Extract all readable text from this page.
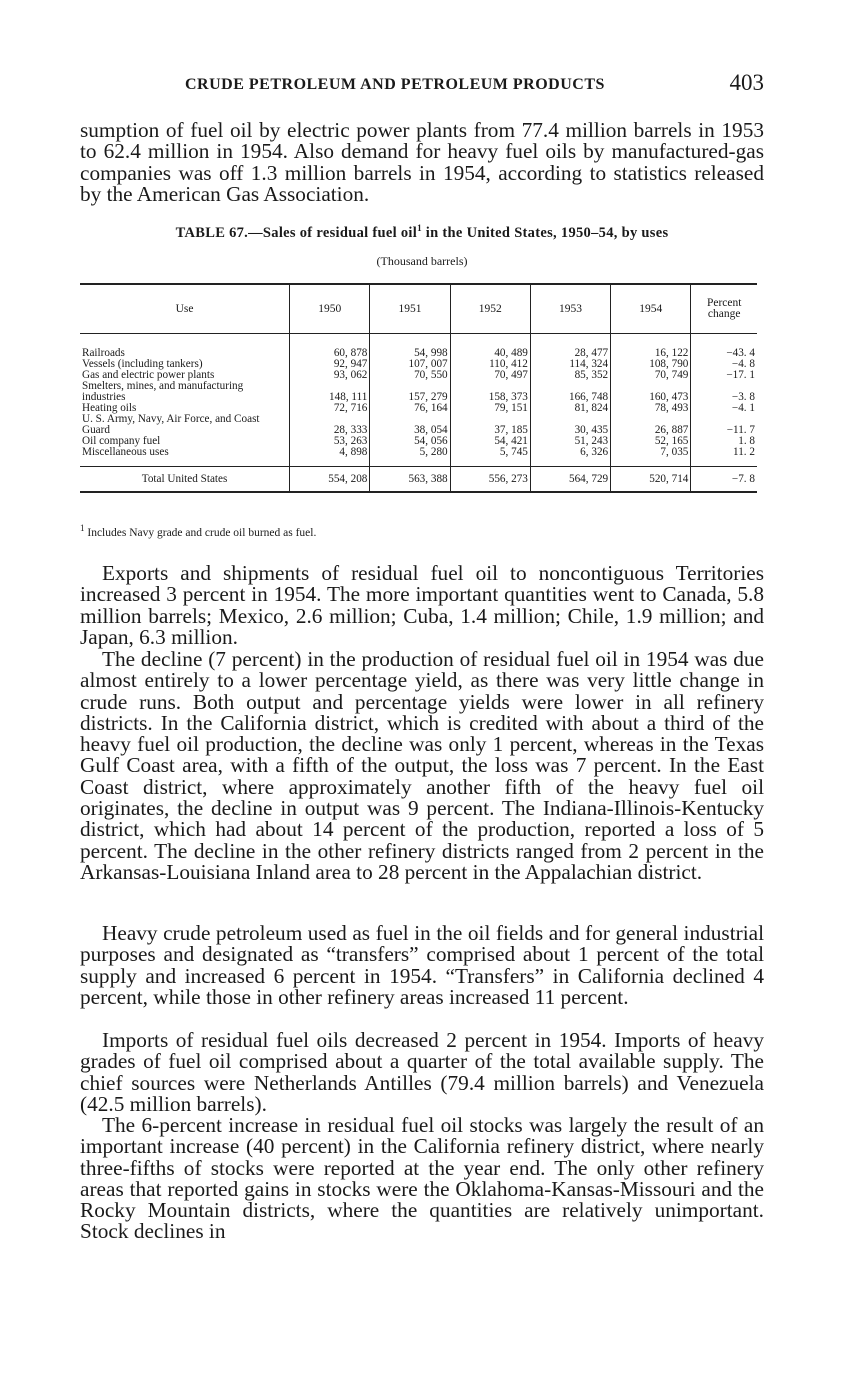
CRUDE PETROLEUM AND PETROLEUM PRODUCTS	403

sumption of fuel oil by electric power plants from 77.4 million barrels in 1953 to 62.4 million in 1954. Also demand for heavy fuel oils by manufactured-gas companies was off 1.3 million barrels in 1954, according to statistics released by the American Gas Association.

TABLE 67.—Sales of residual fuel oil$^1$ in the United States, 1950–54, by uses
(Thousand barrels)
Use	1950	1951	1952	1953	1954	Percent change

Railroads	60, 878	54, 998	40, 489	28, 477	16, 122	−43. 4
Vessels (including tankers)	92, 947	107, 007	110, 412	114, 324	108, 790	−4. 8
Gas and electric power plants	93, 062	70, 550	70, 497	85, 352	70, 749	−17. 1
Smelters, mines, and manufacturing industries	148, 111	157, 279	158, 373	166, 748	160, 473	−3. 8
Heating oils	72, 716	76, 164	79, 151	81, 824	78, 493	−4. 1
U. S. Army, Navy, Air Force, and Coast Guard	28, 333	38, 054	37, 185	30, 435	26, 887	−11. 7
Oil company fuel	53, 263	54, 056	54, 421	51, 243	52, 165	1. 8
Miscellaneous uses	4, 898	5, 280	5, 745	6, 326	7, 035	11. 2

Total United States	554, 208	563, 388	556, 273	564, 729	520, 714	−7. 8
$^1$ Includes Navy grade and crude oil burned as fuel.

Exports and shipments of residual fuel oil to noncontiguous Territories increased 3 percent in 1954. The more important quantities went to Canada, 5.8 million barrels; Mexico, 2.6 million; Cuba, 1.4 million; Chile, 1.9 million; and Japan, 6.3 million.

The decline (7 percent) in the production of residual fuel oil in 1954 was due almost entirely to a lower percentage yield, as there was very little change in crude runs. Both output and percentage yields were lower in all refinery districts. In the California district, which is credited with about a third of the heavy fuel oil production, the decline was only 1 percent, whereas in the Texas Gulf Coast area, with a fifth of the output, the loss was 7 percent. In the East Coast district, where approximately another fifth of the heavy fuel oil originates, the decline in output was 9 percent. The Indiana-Illinois-Kentucky district, which had about 14 percent of the production, reported a loss of 5 percent. The decline in the other refinery districts ranged from 2 percent in the Arkansas-Louisiana Inland area to 28 percent in the Appalachian district.

Heavy crude petroleum used as fuel in the oil fields and for general industrial purposes and designated as “transfers” comprised about 1 percent of the total supply and increased 6 percent in 1954. “Transfers” in California declined 4 percent, while those in other refinery areas increased 11 percent.

Imports of residual fuel oils decreased 2 percent in 1954. Imports of heavy grades of fuel oil comprised about a quarter of the total available supply. The chief sources were Netherlands Antilles (79.4 million barrels) and Venezuela (42.5 million barrels).

The 6-percent increase in residual fuel oil stocks was largely the result of an important increase (40 percent) in the California refinery district, where nearly three-fifths of stocks were reported at the year end. The only other refinery areas that reported gains in stocks were the Oklahoma-Kansas-Missouri and the Rocky Mountain districts, where the quantities are relatively unimportant. Stock declines in
